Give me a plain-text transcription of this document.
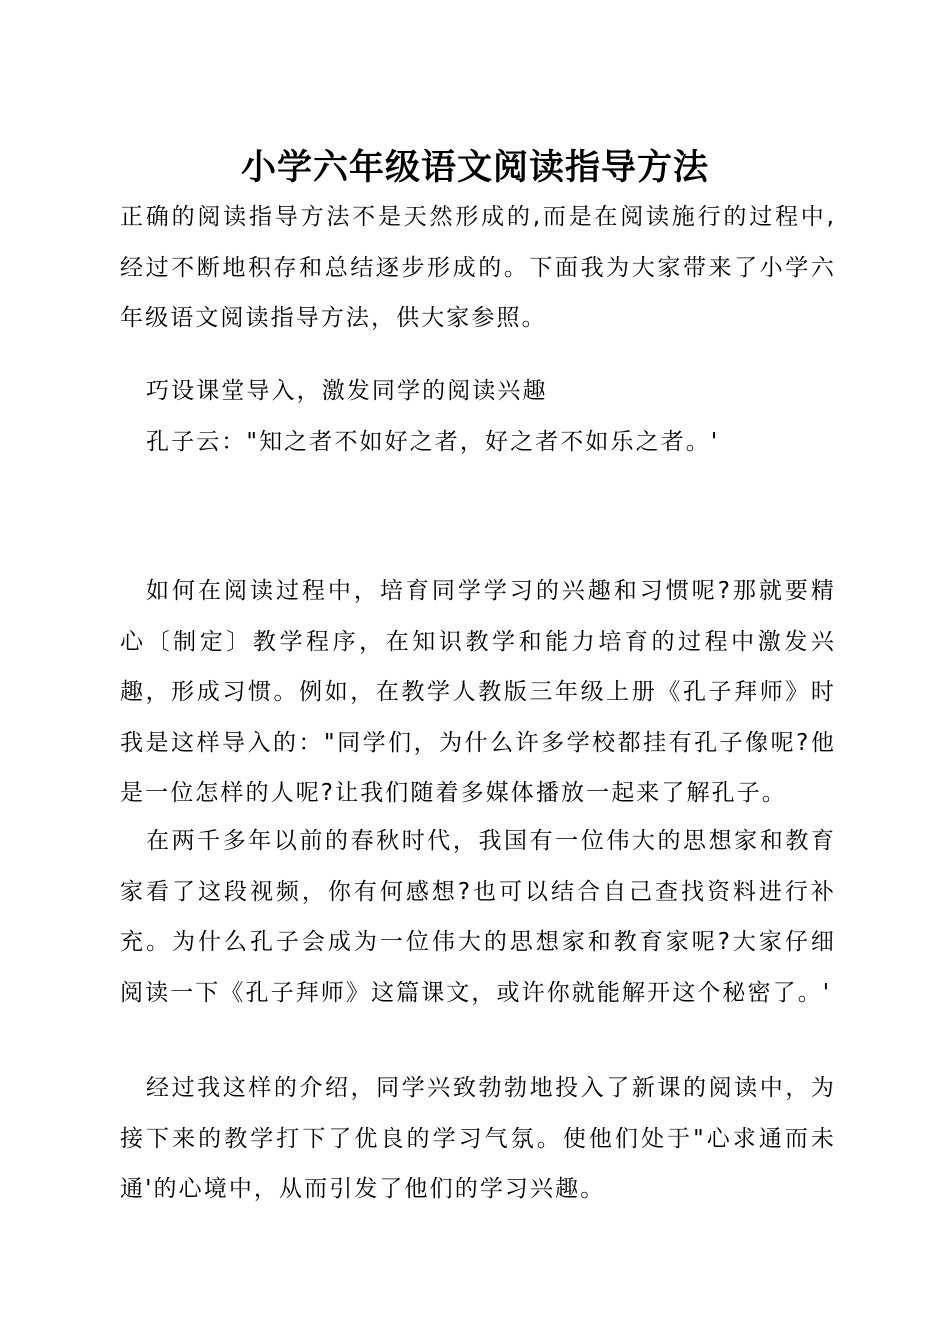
小学六年级语文阅读指导方法

正确的阅读指导方法不是天然形成的,而是在阅读施行的过程中,经过不断地积存和总结逐步形成的。下面我为大家带来了小学六年级语文阅读指导方法，供大家参照。

巧设课堂导入，激发同学的阅读兴趣

孔子云："知之者不如好之者，好之者不如乐之者。'

如何在阅读过程中，培育同学学习的兴趣和习惯呢?那就要精心〔制定〕教学程序，在知识教学和能力培育的过程中激发兴趣，形成习惯。例如，在教学人教版三年级上册《孔子拜师》时我是这样导入的："同学们，为什么许多学校都挂有孔子像呢?他是一位怎样的人呢?让我们随着多媒体播放一起来了解孔子。

在两千多年以前的春秋时代，我国有一位伟大的思想家和教育家看了这段视频，你有何感想?也可以结合自己查找资料进行补充。为什么孔子会成为一位伟大的思想家和教育家呢?大家仔细阅读一下《孔子拜师》这篇课文，或许你就能解开这个秘密了。'

经过我这样的介绍，同学兴致勃勃地投入了新课的阅读中，为接下来的教学打下了优良的学习气氛。使他们处于"心求通而未通'的心境中，从而引发了他们的学习兴趣。
